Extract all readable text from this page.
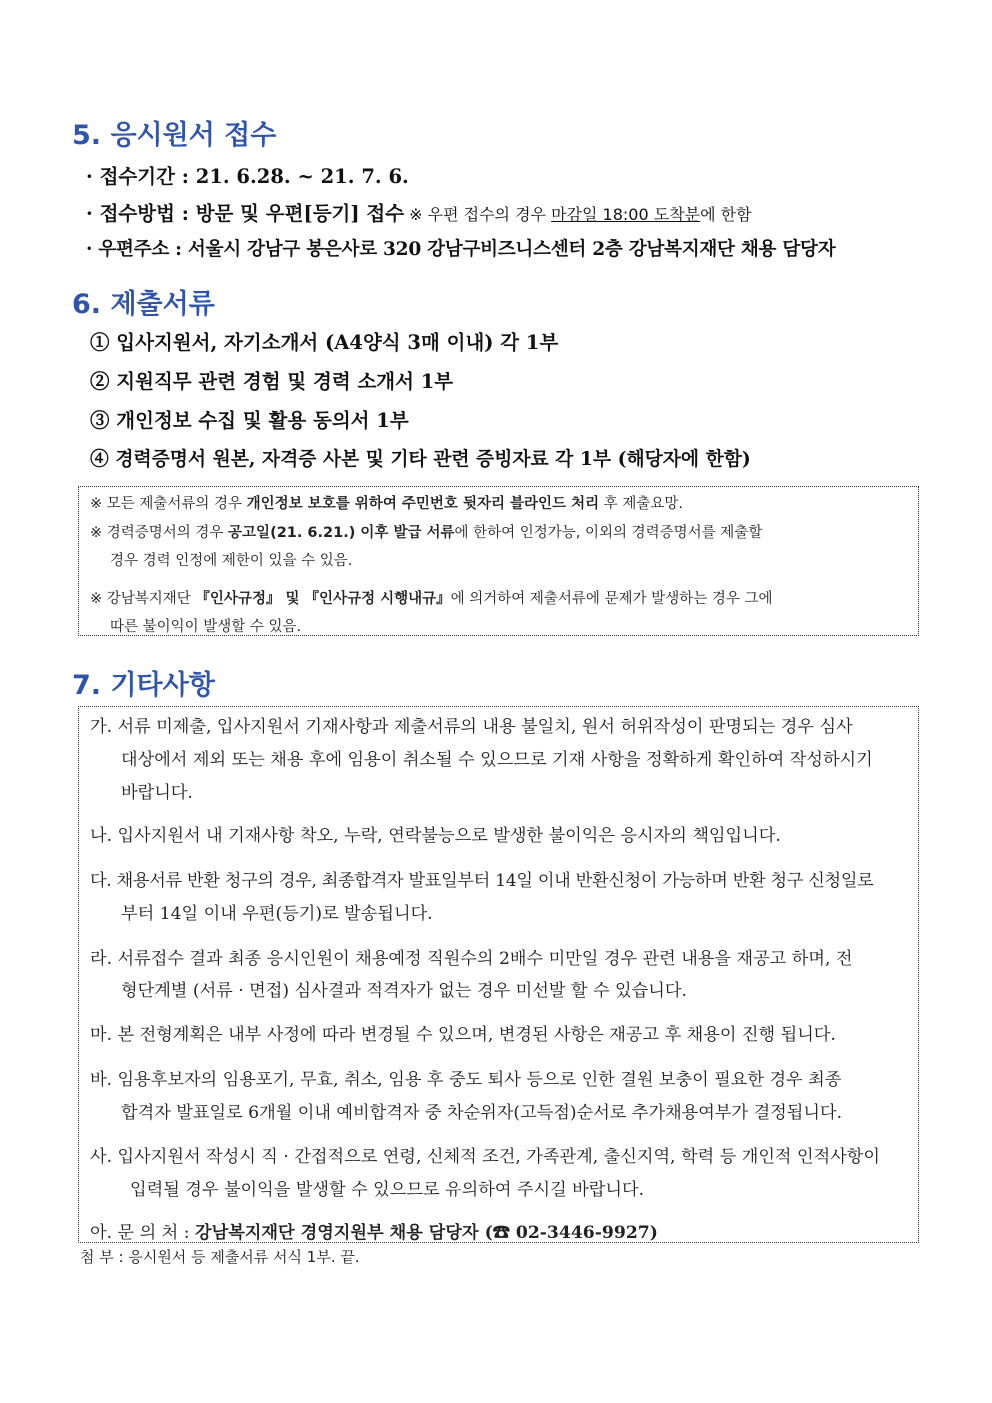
5. 응시원서 접수
· 접수기간 : 21. 6.28. ~ 21. 7. 6.
· 접수방법 : 방문 및 우편[등기] 접수 ※ 우편 접수의 경우 마감일 18:00 도착분에 한함
· 우편주소 : 서울시 강남구 봉은사로 320 강남구비즈니스센터 2층 강남복지재단 채용 담당자
6. 제출서류
① 입사지원서, 자기소개서 (A4양식 3매 이내) 각 1부
② 지원직무 관련 경험 및 경력 소개서 1부
③ 개인정보 수집 및 활용 동의서 1부
④ 경력증명서 원본, 자격증 사본 및 기타 관련 증빙자료 각 1부 (해당자에 한함)
※ 모든 제출서류의 경우 개인정보 보호를 위하여 주민번호 뒷자리 블라인드 처리 후 제출요망.
※ 경력증명서의 경우 공고일(21. 6.21.) 이후 발급 서류에 한하여 인정가능, 이외의 경력증명서를 제출할
경우 경력 인정에 제한이 있을 수 있음.
※ 강남복지재단 『인사규정』 및 『인사규정 시행내규』에 의거하여 제출서류에 문제가 발생하는 경우 그에
따른 불이익이 발생할 수 있음.
7. 기타사항
가. 서류 미제출, 입사지원서 기재사항과 제출서류의 내용 불일치, 원서 허위작성이 판명되는 경우 심사
대상에서 제외 또는 채용 후에 임용이 취소될 수 있으므로 기재 사항을 정확하게 확인하여 작성하시기
바랍니다.
나. 입사지원서 내 기재사항 착오, 누락, 연락불능으로 발생한 불이익은 응시자의 책임입니다.
다. 채용서류 반환 청구의 경우, 최종합격자 발표일부터 14일 이내 반환신청이 가능하며 반환 청구 신청일로
부터 14일 이내 우편(등기)로 발송됩니다.
라. 서류접수 결과 최종 응시인원이 채용예정 직원수의 2배수 미만일 경우 관련 내용을 재공고 하며, 전
형단계별 (서류 · 면접) 심사결과 적격자가 없는 경우 미선발 할 수 있습니다.
마. 본 전형계획은 내부 사정에 따라 변경될 수 있으며, 변경된 사항은 재공고 후 채용이 진행 됩니다.
바. 임용후보자의 임용포기, 무효, 취소, 임용 후 중도 퇴사 등으로 인한 결원 보충이 필요한 경우 최종
합격자 발표일로 6개월 이내 예비합격자 중 차순위자(고득점)순서로 추가채용여부가 결정됩니다.
사. 입사지원서 작성시 직 · 간접적으로 연령, 신체적 조건, 가족관계, 출신지역, 학력 등 개인적 인적사항이
입력될 경우 불이익을 발생할 수 있으므로 유의하여 주시길 바랍니다.
아. 문 의 처 : 강남복지재단 경영지원부 채용 담당자 (☎ 02-3446-9927)
첨 부 : 응시원서 등 제출서류 서식 1부. 끝.
